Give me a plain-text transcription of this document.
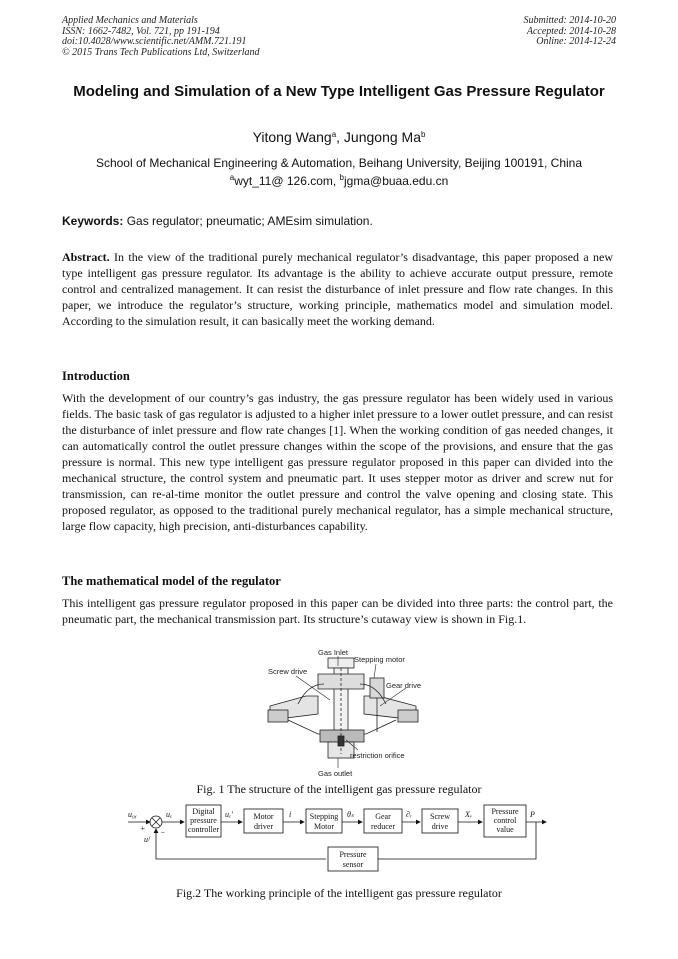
Applied Mechanics and Materials
ISSN: 1662-7482, Vol. 721, pp 191-194
doi:10.4028/www.scientific.net/AMM.721.191
© 2015 Trans Tech Publications Ltd, Switzerland
Submitted: 2014-10-20
Accepted: 2014-10-28
Online: 2014-12-24
Modeling and Simulation of a New Type Intelligent Gas Pressure Regulator
Yitong Wang$^a$, Jungong Ma$^b$
School of Mechanical Engineering & Automation, Beihang University, Beijing 100191, China
$^a$wyt_11@ 126.com, $^b$jgma@buaa.edu.cn
Keywords: Gas regulator; pneumatic; AMEsim simulation.
Abstract. In the view of the traditional purely mechanical regulator’s disadvantage, this paper proposed a new type intelligent gas pressure regulator. Its advantage is the ability to achieve accurate output pressure, remote control and centralized management. It can resist the disturbance of inlet pressure and flow rate changes. In this paper, we introduce the regulator’s structure, working principle, mathematics model and simulation model. According to the simulation result, it can basically meet the working demand.
Introduction
With the development of our country’s gas industry, the gas pressure regulator has been widely used in various fields. The basic task of gas regulator is adjusted to a higher inlet pressure to a lower outlet pressure, and can resist the disturbance of inlet pressure and flow rate changes [1]. When the working condition of gas needed changes, it can automatically control the outlet pressure changes within the scope of the provisions, and ensure that the gas pressure is normal. This new type intelligent gas pressure regulator proposed in this paper can divided into the mechanical structure, the control system and pneumatic part. It uses stepper motor as driver and screw nut for transmission, can re-al-time monitor the outlet pressure and control the valve opening and closing state. This proposed regulator, as opposed to the traditional purely mechanical regulator, has a simple mechanical structure, large flow capacity, high precision, anti-disturbances capability.
The mathematical model of the regulator
This intelligent gas pressure regulator proposed in this paper can be divided into three parts: the control part, the pneumatic part, the mechanical transmission part. Its structure’s cutaway view is shown in Fig.1.
Gas Inlet
Stepping motor
Screw drive
Gear drive
restriction orifice
Gas outlet
Fig. 1 The structure of the intelligent gas pressure regulator
Digital
pressure
controller
Motor
driver
Stepping
Motor
Gear
reducer
Screw
drive
Pressure
control
value
Pressure
sensor
u₀ᵧ	uₑ	uₑ′	i	θₛ	∂ᵣ	Xᵥ	P
uᶠ
+ −
Fig.2 The working principle of the intelligent gas pressure regulator
